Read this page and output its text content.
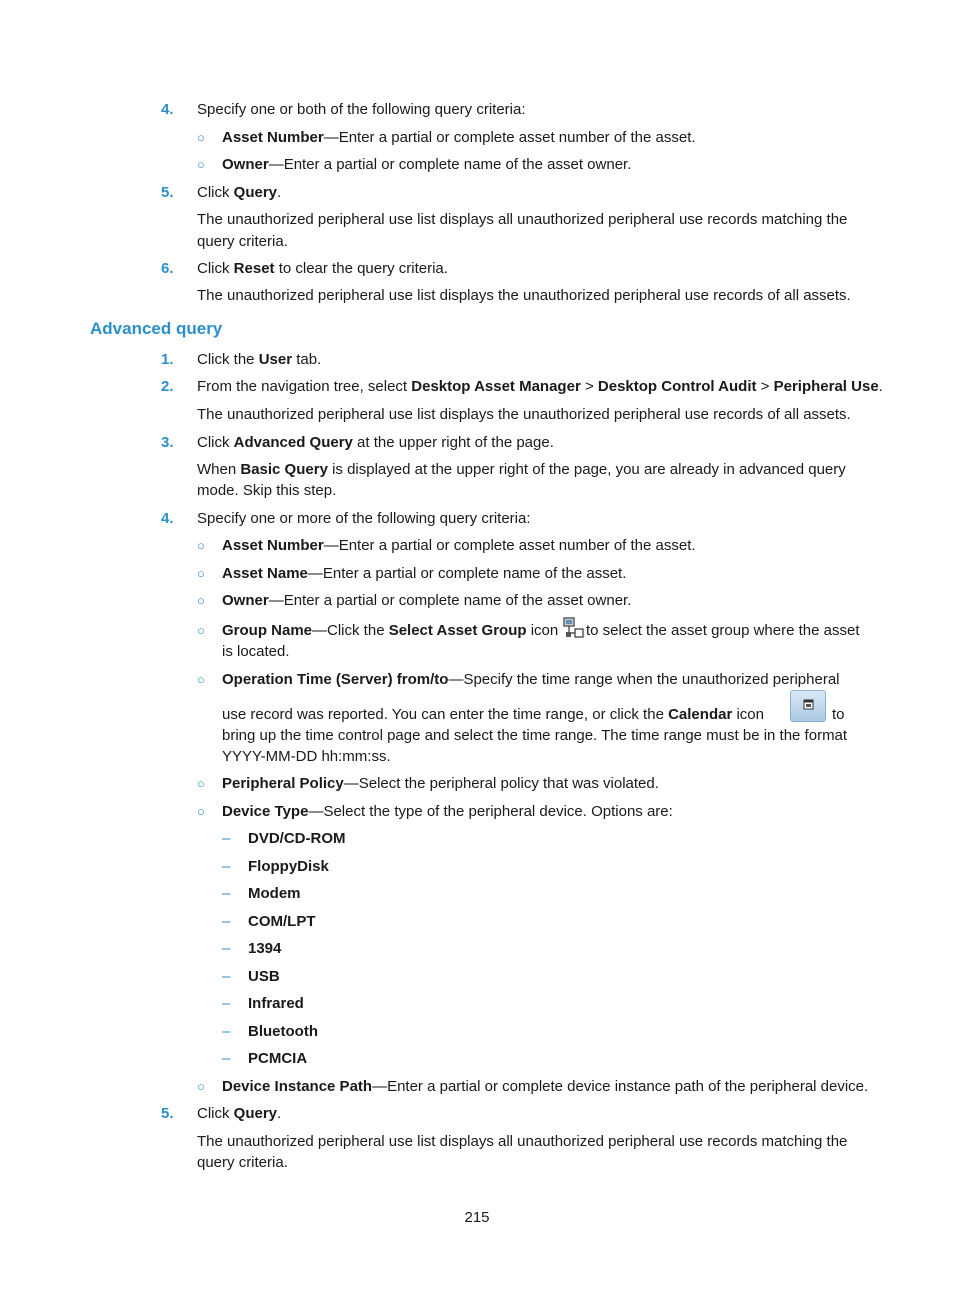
4. Specify one or both of the following query criteria:
○ Asset Number—Enter a partial or complete asset number of the asset.
○ Owner—Enter a partial or complete name of the asset owner.
5. Click Query.
The unauthorized peripheral use list displays all unauthorized peripheral use records matching the
query criteria.
6. Click Reset to clear the query criteria.
The unauthorized peripheral use list displays the unauthorized peripheral use records of all assets.
Advanced query
1. Click the User tab.
2. From the navigation tree, select Desktop Asset Manager > Desktop Control Audit > Peripheral Use.
The unauthorized peripheral use list displays the unauthorized peripheral use records of all assets.
3. Click Advanced Query at the upper right of the page.
When Basic Query is displayed at the upper right of the page, you are already in advanced query
mode. Skip this step.
4. Specify one or more of the following query criteria:
○ Asset Number—Enter a partial or complete asset number of the asset.
○ Asset Name—Enter a partial or complete name of the asset.
○ Owner—Enter a partial or complete name of the asset owner.
○ Group Name—Click the Select Asset Group icon to select the asset group where the asset
is located.
○ Operation Time (Server) from/to—Specify the time range when the unauthorized peripheral
use record was reported. You can enter the time range, or click the Calendar icon	to
bring up the time control page and select the time range. The time range must be in the format
YYYY-MM-DD hh:mm:ss.
○ Peripheral Policy—Select the peripheral policy that was violated.
○ Device Type—Select the type of the peripheral device. Options are:
– DVD/CD-ROM
– FloppyDisk
– Modem
– COM/LPT
– 1394
– USB
– Infrared
– Bluetooth
– PCMCIA
○ Device Instance Path—Enter a partial or complete device instance path of the peripheral device.
5. Click Query.
The unauthorized peripheral use list displays all unauthorized peripheral use records matching the
query criteria.
215
